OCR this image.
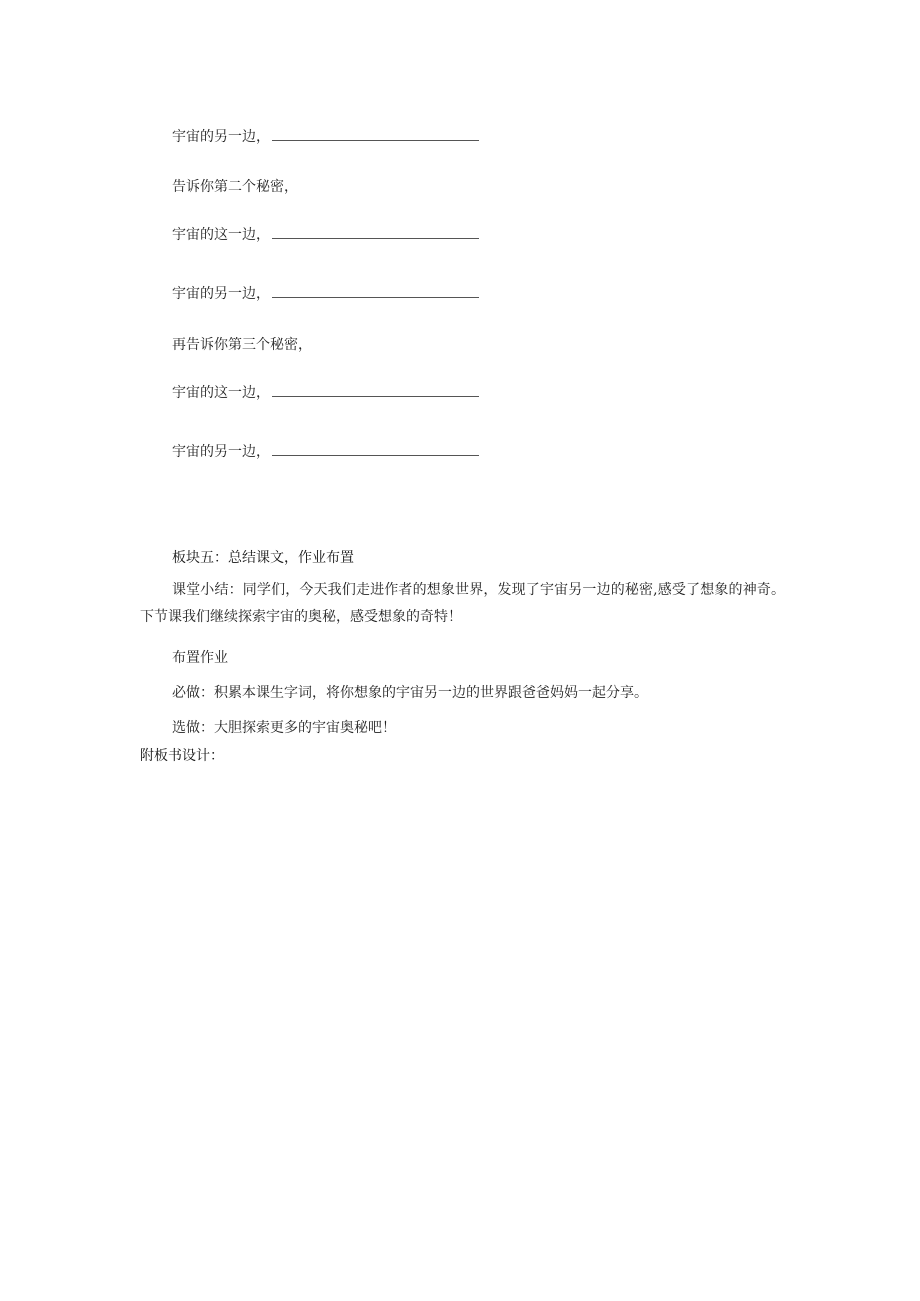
宇宙的另一边，
告诉你第二个秘密，
宇宙的这一边，
宇宙的另一边，
再告诉你第三个秘密，
宇宙的这一边，
宇宙的另一边，
板块五：总结课文，作业布置
课堂小结：同学们，今天我们走进作者的想象世界，发现了宇宙另一边的秘密,感受了想象的神奇。下节课我们继续探索宇宙的奥秘，感受想象的奇特！
布置作业
必做：积累本课生字词，将你想象的宇宙另一边的世界跟爸爸妈妈一起分享。
选做：大胆探索更多的宇宙奥秘吧！
附板书设计：
